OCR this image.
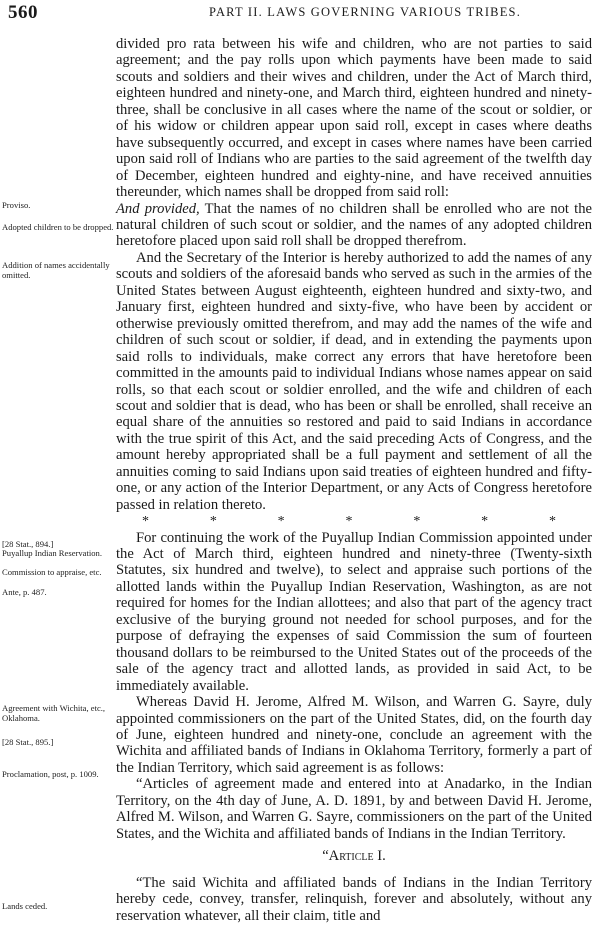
560	PART II. LAWS GOVERNING VARIOUS TRIBES.
Proviso.
Adopted children to be dropped.
Addition of names accidentally omitted.
[28 Stat., 894.]
Puyallup Indian Reservation.
Commission to appraise, etc.
Ante, p. 487.
Agreement with Wichita, etc., Oklahoma.
[28 Stat., 895.]
Proclamation, post, p. 1009.
Lands ceded.

divided pro rata between his wife and children, who are not parties to said agreement; and the pay rolls upon which payments have been made to said scouts and soldiers and their wives and children, under the Act of March third, eighteen hundred and ninety-one, and March third, eighteen hundred and ninety-three, shall be conclusive in all cases where the name of the scout or soldier, or of his widow or children appear upon said roll, except in cases where deaths have subsequently occurred, and except in cases where names have been carried upon said roll of Indians who are parties to the said agreement of the twelfth day of December, eighteen hundred and eighty-nine, and have received annuities thereunder, which names shall be dropped from said roll:

And provided, That the names of no children shall be enrolled who are not the natural children of such scout or soldier, and the names of any adopted children heretofore placed upon said roll shall be dropped therefrom.

And the Secretary of the Interior is hereby authorized to add the names of any scouts and soldiers of the aforesaid bands who served as such in the armies of the United States between August eighteenth, eighteen hundred and sixty-two, and January first, eighteen hundred and sixty-five, who have been by accident or otherwise previously omitted therefrom, and may add the names of the wife and children of such scout or soldier, if dead, and in extending the payments upon said rolls to individuals, make correct any errors that have heretofore been committed in the amounts paid to individual Indians whose names appear on said rolls, so that each scout or soldier enrolled, and the wife and children of each scout and soldier that is dead, who has been or shall be enrolled, shall receive an equal share of the annuities so restored and paid to said Indians in accordance with the true spirit of this Act, and the said preceding Acts of Congress, and the amount hereby appropriated shall be a full payment and settlement of all the annuities coming to said Indians upon said treaties of eighteen hundred and fifty-one, or any action of the Interior Department, or any Acts of Congress heretofore passed in relation thereto.

*	*	*	*	*	*	*

For continuing the work of the Puyallup Indian Commission appointed under the Act of March third, eighteen hundred and ninety-three (Twenty-sixth Statutes, six hundred and twelve), to select and appraise such portions of the allotted lands within the Puyallup Indian Reservation, Washington, as are not required for homes for the Indian allottees; and also that part of the agency tract exclusive of the burying ground not needed for school purposes, and for the purpose of defraying the expenses of said Commission the sum of fourteen thousand dollars to be reimbursed to the United States out of the proceeds of the sale of the agency tract and allotted lands, as provided in said Act, to be immediately available.

Whereas David H. Jerome, Alfred M. Wilson, and Warren G. Sayre, duly appointed commissioners on the part of the United States, did, on the fourth day of June, eighteen hundred and ninety-one, conclude an agreement with the Wichita and affiliated bands of Indians in Oklahoma Territory, formerly a part of the Indian Territory, which said agreement is as follows:

“Articles of agreement made and entered into at Anadarko, in the Indian Territory, on the 4th day of June, A. D. 1891, by and between David H. Jerome, Alfred M. Wilson, and Warren G. Sayre, commissioners on the part of the United States, and the Wichita and affiliated bands of Indians in the Indian Territory.

“Article I.

“The said Wichita and affiliated bands of Indians in the Indian Territory hereby cede, convey, transfer, relinquish, forever and absolutely, without any reservation whatever, all their claim, title and
